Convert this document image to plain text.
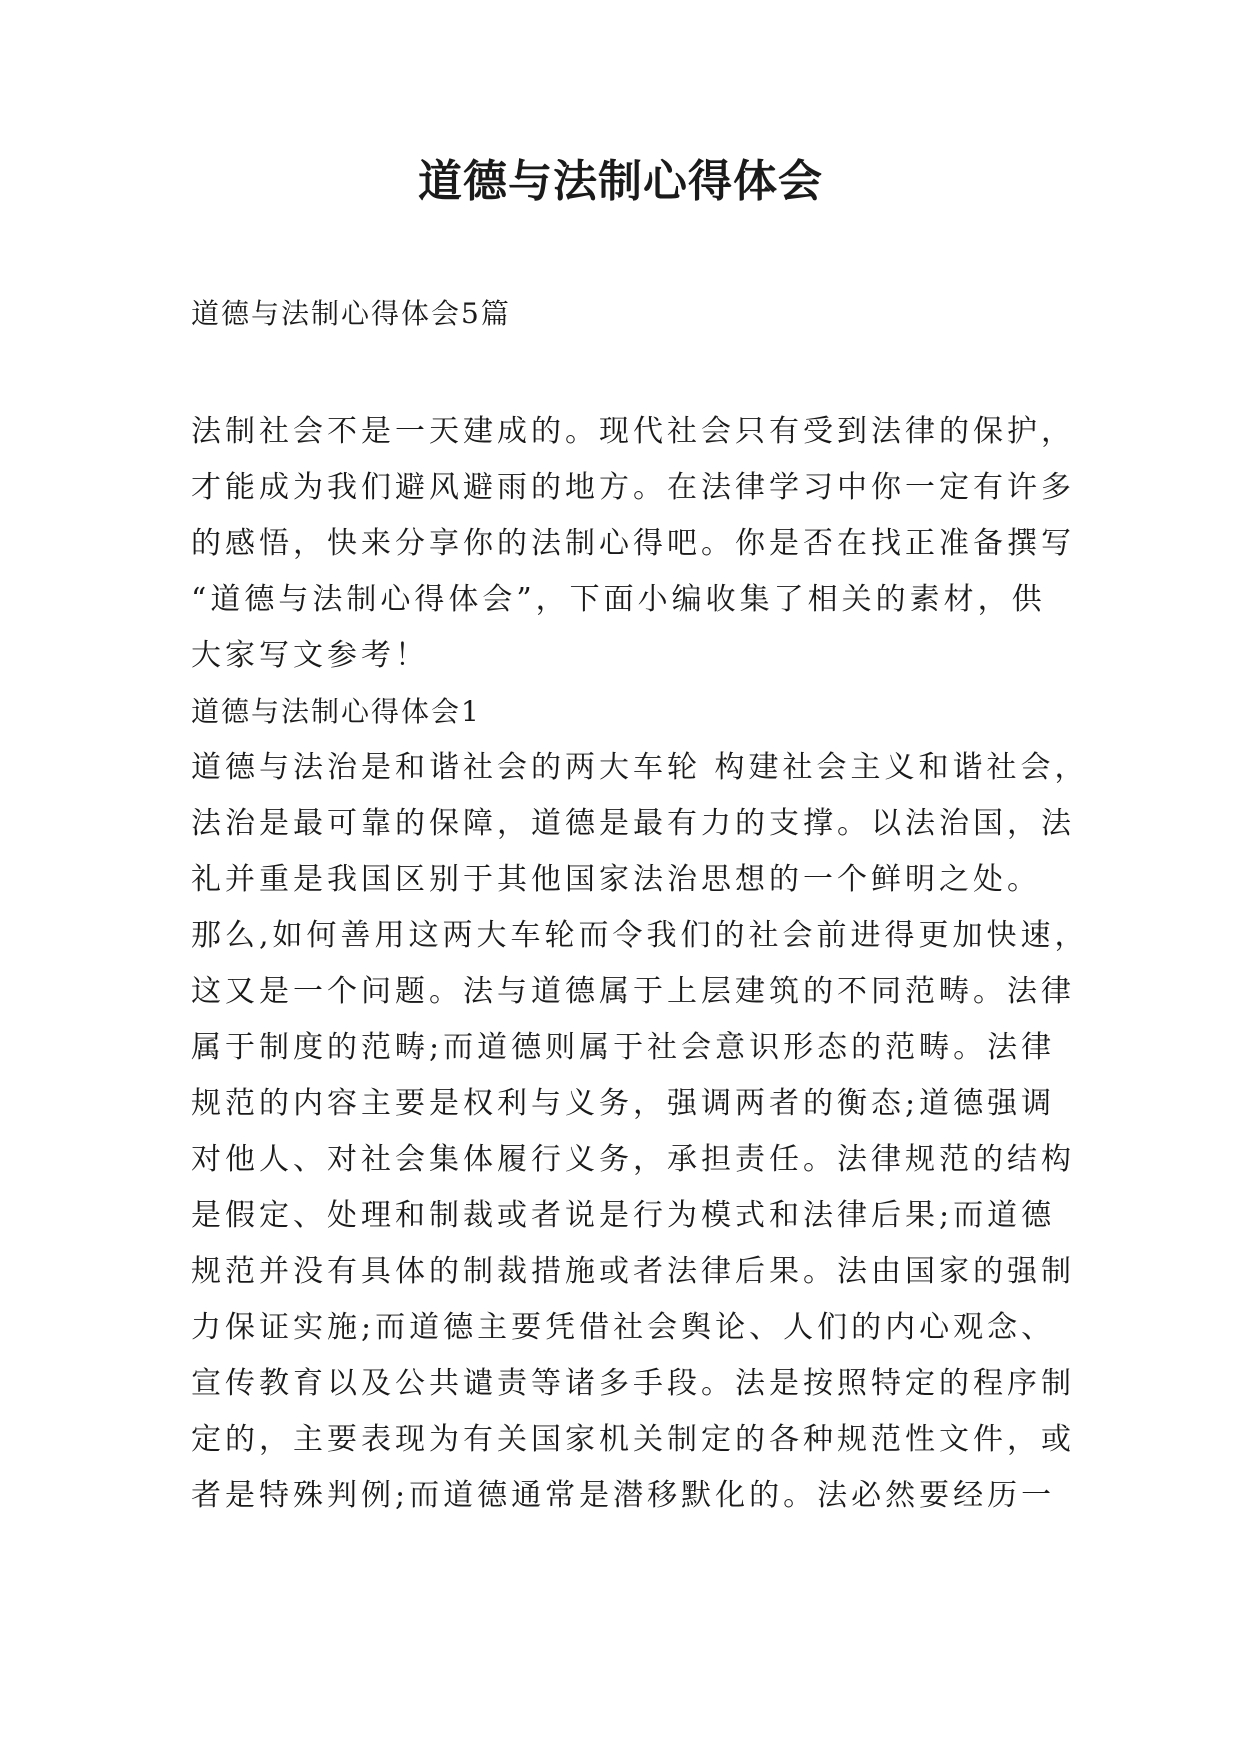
道德与法制心得体会
道德与法制心得体会5篇
法制社会不是一天建成的。现代社会只有受到法律的保护，
才能成为我们避风避雨的地方。在法律学习中你一定有许多
的感悟，快来分享你的法制心得吧。你是否在找正准备撰写
“道德与法制心得体会”，下面小编收集了相关的素材，供
大家写文参考！
道德与法制心得体会1
道德与法治是和谐社会的两大车轮 构建社会主义和谐社会，
法治是最可靠的保障，道德是最有力的支撑。以法治国，法
礼并重是我国区别于其他国家法治思想的一个鲜明之处。
那么,如何善用这两大车轮而令我们的社会前进得更加快速，
这又是一个问题。法与道德属于上层建筑的不同范畴。法律
属于制度的范畴;而道德则属于社会意识形态的范畴。法律
规范的内容主要是权利与义务，强调两者的衡态;道德强调
对他人、对社会集体履行义务，承担责任。法律规范的结构
是假定、处理和制裁或者说是行为模式和法律后果;而道德
规范并没有具体的制裁措施或者法律后果。法由国家的强制
力保证实施;而道德主要凭借社会舆论、人们的内心观念、
宣传教育以及公共谴责等诸多手段。法是按照特定的程序制
定的，主要表现为有关国家机关制定的各种规范性文件，或
者是特殊判例;而道德通常是潜移默化的。法必然要经历一
